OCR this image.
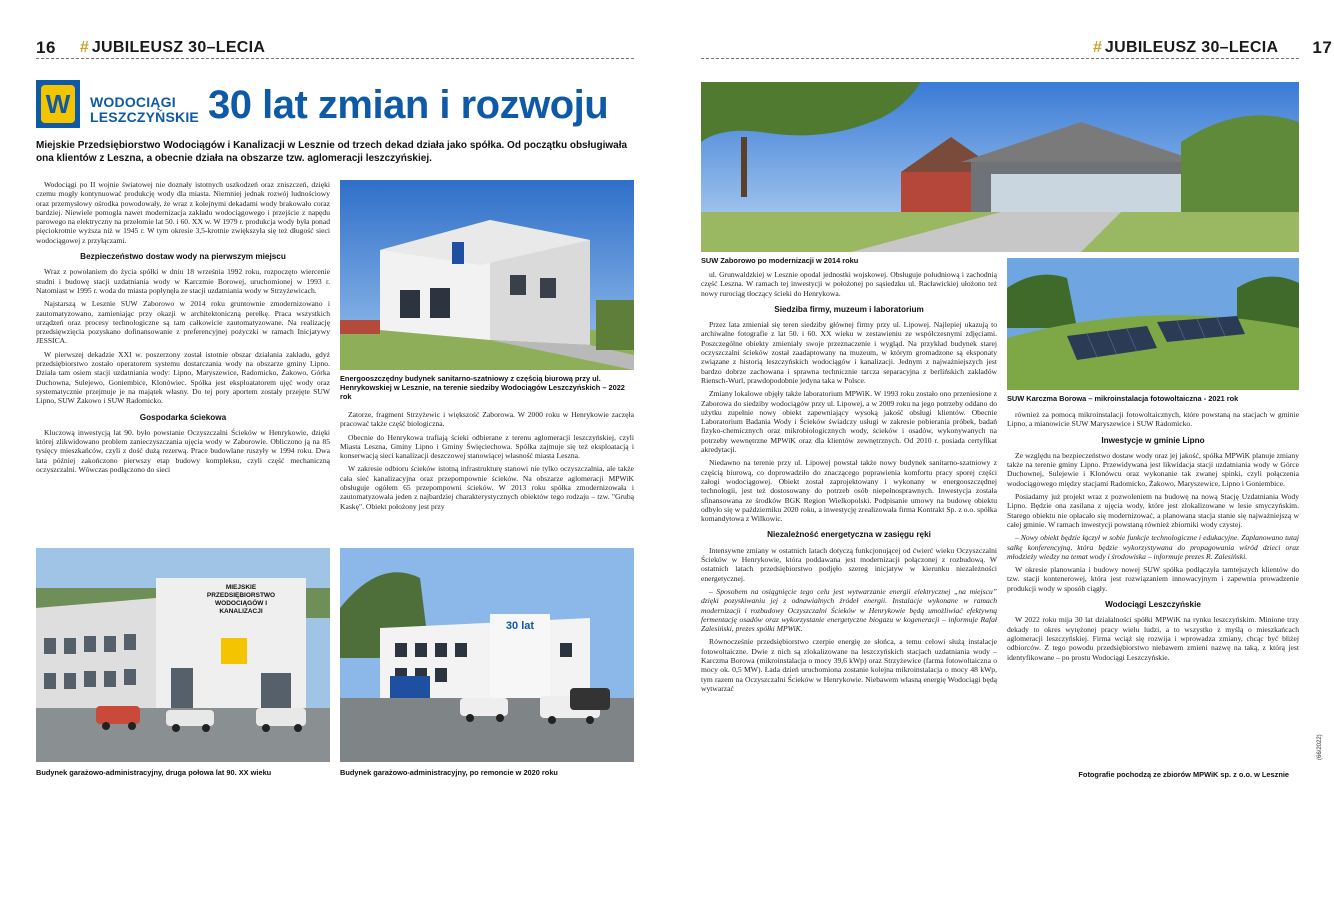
16 # JUBILEUSZ 30–LECIA
W	WODOCIĄGI
LESZCZYŃSKIE 30 lat zmian i rozwoju
Miejskie Przedsiębiorstwo Wodociągów i Kanalizacji w Lesznie od trzech dekad działa jako spółka. Od początku obsługiwała ona klientów z Leszna, a obecnie działa na obszarze tzw. aglomeracji leszczyńskiej.

Wodociągi po II wojnie światowej nie doznały istotnych uszkodzeń oraz zniszczeń, dzięki czemu mogły kontynuować produkcję wody dla miasta. Niemniej jednak rozwój ludnościowy oraz przemysłowy ośrodka powodowały, że wraz z kolejnymi dekadami wody brakowało coraz bardziej. Niewiele pomogła nawet modernizacja zakładu wodociągowego i przejście z napędu parowego na elektryczny na przełomie lat 50. i 60. XX w. W 1979 r. produkcja wody była ponad pięciokrotnie wyższa niż w 1945 r. W tym okresie 3,5-krotnie zwiększyła się też długość sieci wodociągowej z przyłączami.

Bezpieczeństwo dostaw wody na pierwszym miejscu

Wraz z powołaniem do życia spółki w dniu 18 września 1992 roku, rozpoczęto wiercenie studni i budowę stacji uzdatniania wody w Karczmie Borowej, uruchomionej w 1993 r. Natomiast w 1995 r. woda do miasta popłynęła ze stacji uzdatniania wody w Strzyżewicach.

Najstarszą w Lesznie SUW Zaborowo w 2014 roku gruntownie zmodernizowano i zautomatyzowano, zamieniając przy okazji w architektoniczną perełkę. Praca wszystkich urządzeń oraz procesy technologiczne są tam całkowicie zautomatyzowane. Na realizację przedsięwzięcia pozyskano dofinansowanie z preferencyjnej pożyczki w ramach Inicjatywy JESSICA.

W pierwszej dekadzie XXI w. poszerzony został istotnie obszar działania zakładu, gdyż przedsiębiorstwo zostało operatorem systemu dostarczania wody na obszarze gminy Lipno. Działa tam osiem stacji uzdatniania wody: Lipno, Maryszewice, Radomicko, Żakowo, Górka Duchowna, Sulejewo, Goniembice, Klonówiec. Spółka jest eksploatatorem ujęć wody oraz systematycznie przejmuje je na majątek własny. Do tej pory aportem zostały przejęte SUW Lipno, SUW Żakowo i SUW Radomicko.

Gospodarka ściekowa

Kluczową inwestycją lat 90. było powstanie Oczyszczalni Ścieków w Henrykowie, dzięki której zlikwidowano problem zanieczyszczania ujęcia wody w Zaborowie. Obliczono ją na 85 tysięcy mieszkańców, czyli z dość dużą rezerwą. Prace budowlane ruszyły w 1994 roku. Dwa lata później zakończono pierwszy etap budowy kompleksu, czyli część mechaniczną oczyszczalni. Wówczas podłączono do sieci

Energooszczędny budynek sanitarno-szatniowy z częścią biurową przy ul. Henrykowskiej w Lesznie, na terenie siedziby Wodociągów Leszczyńskich – 2022 rok

Zatorze, fragment Strzyżewic i większość Zaborowa. W 2000 roku w Henrykowie zaczęła pracować także część biologiczna.

Obecnie do Henrykowa trafiają ścieki odbierane z terenu aglomeracji leszczyńskiej, czyli Miasta Leszna, Gminy Lipno i Gminy Święciechowa. Spółka zajmuje się też eksploatacją i konserwacją sieci kanalizacji deszczowej stanowiącej własność miasta Leszna.

W zakresie odbioru ścieków istotną infrastrukturę stanowi nie tylko oczyszczalnia, ale także cała sieć kanalizacyjna oraz przepompownie ścieków. Na obszarze aglomeracji MPWiK obsługuje ogółem 65 przepompowni ścieków. W 2013 roku spółka zmodernizowała i zautomatyzowała jeden z najbardziej charakterystycznych obiektów tego rodzaju – tzw. "Grubą Kaskę". Obiekt położony jest przy

MIEJSKIE PRZEDSIĘBIORSTWO WODOCIĄGÓW I KANALIZACJI
Budynek garażowo-administracyjny, druga połowa lat 90. XX wieku
30 lat
Budynek garażowo-administracyjny, po remoncie w 2020 roku
# JUBILEUSZ 30–LECIA 17
SUW Zaborowo po modernizacji w 2014 roku
SUW Karczma Borowa – mikroinstalacja fotowoltaiczna - 2021 rok

ul. Grunwaldzkiej w Lesznie opodal jednostki wojskowej. Obsługuje południową i zachodnią część Leszna. W ramach tej inwestycji w położonej po sąsiedzku ul. Racławickiej ułożono też nowy rurociąg tłoczący ścieki do Henrykowa.

Siedziba firmy, muzeum i laboratorium

Przez lata zmieniał się teren siedziby głównej firmy przy ul. Lipowej. Najlepiej ukazują to archiwalne fotografie z lat 50. i 60. XX wieku w zestawieniu ze współczesnymi zdjęciami. Poszczególne obiekty zmieniały swoje przeznaczenie i wygląd. Na przykład budynek starej oczyszczalni ścieków został zaadaptowany na muzeum, w którym gromadzone są eksponaty związane z historią leszczyńskich wodociągów i kanalizacji. Jednym z najważniejszych jest bardzo dobrze zachowana i sprawna technicznie tarcza separacyjna z berlińskich zakładów Riensch-Wurl, prawdopodobnie jedyna taka w Polsce.

Zmiany lokalowe objęły także laboratorium MPWiK. W 1993 roku zostało ono przeniesione z Zaborowa do siedziby wodociągów przy ul. Lipowej, a w 2009 roku na jego potrzeby oddano do użytku zupełnie nowy obiekt zapewniający wysoką jakość obsługi klientów. Obecnie Laboratorium Badania Wody i Ścieków świadczy usługi w zakresie pobierania próbek, badań fizyko-chemicznych oraz mikrobiologicznych wody, ścieków i osadów, wykonywanych na potrzeby wewnętrzne MPWiK oraz dla klientów zewnętrznych. Od 2010 r. posiada certyfikat akredytacji.

Niedawno na terenie przy ul. Lipowej powstał także nowy budynek sanitarno-szatniowy z częścią biurową, co doprowadziło do znaczącego poprawienia komfortu pracy sporej części załogi wodociągowej. Obiekt został zaprojektowany i wykonany w energooszczędnej technologii, jest też dostosowany do potrzeb osób niepełnosprawnych. Inwestycja została sfinansowana ze środków BGK Region Wielkopolski. Podpisanie umowy na budowę obiektu odbyło się w październiku 2020 roku, a inwestycję zrealizowała firma Kontrakt Sp. z o.o. spółka komandytowa z Wilkowic.

Niezależność energetyczna w zasięgu ręki

Intensywne zmiany w ostatnich latach dotyczą funkcjonującej od ćwierć wieku Oczyszczalni Ścieków w Henrykowie, która poddawana jest modernizacji połączonej z rozbudową. W ostatnich latach przedsiębiorstwo podjęło szereg inicjatyw w kierunku niezależności energetycznej.

– Sposobem na osiągnięcie tego celu jest wytwarzanie energii elektrycznej „na miejscu” dzięki pozyskiwaniu jej z odnawialnych źródeł energii. Instalacje wykonane w ramach modernizacji i rozbudowy Oczyszczalni Ścieków w Henrykowie będą umożliwiać efektywną fermentację osadów oraz wykorzystanie energetyczne biogazu w kogeneracji – informuje Rafał Zalesiński, prezes spółki MPWiK.

Równocześnie przedsiębiorstwo czerpie energię ze słońca, a temu celowi służą instalacje fotowoltaiczne. Dwie z nich są zlokalizowane na leszczyńskich stacjach uzdatniania wody – Karczma Borowa (mikroinstalacja o mocy 39,6 kWp) oraz Strzyżewice (farma fotowoltaiczna o mocy ok. 0,5 MW). Łada dzień uruchomiona zostanie kolejna mikroinstalacja o mocy 48 kWp, tym razem na Oczyszczalni Ścieków w Henrykowie. Niebawem własną energię Wodociągi będą wytwarzać

również za pomocą mikroinstalacji fotowoltaicznych, które powstaną na stacjach w gminie Lipno, a mianowicie SUW Maryszewice i SUW Radomicko.

Inwestycje w gminie Lipno

Ze względu na bezpieczeństwo dostaw wody oraz jej jakość, spółka MPWiK planuje zmiany także na terenie gminy Lipno. Przewidywana jest likwidacja stacji uzdatniania wody w Górce Duchownej, Sulejewie i Klonówcu oraz wykonanie tak zwanej spinki, czyli połączenia wodociągowego między stacjami Radomicko, Żakowo, Maryszewice, Lipno i Goniembice.

Posiadamy już projekt wraz z pozwoleniem na budowę na nową Stację Uzdatniania Wody Lipno. Będzie ona zasilana z ujęcia wody, które jest zlokalizowane w lesie smyczyńskim. Starego obiektu nie opłacało się modernizować, a planowana stacja stanie się najważniejszą w całej gminie. W ramach inwestycji powstaną również zbiorniki wody czystej.

– Nowy obiekt będzie łączył w sobie funkcje technologiczne i edukacyjne. Zaplanowano tutaj salkę konferencyjną, która będzie wykorzystywana do propagowania wśród dzieci oraz młodzieży wiedzy na temat wody i środowiska – informuje prezes R. Zalesiński.

W okresie planowania i budowy nowej SUW spółka podłączyła tamtejszych klientów do tzw. stacji kontenerowej, która jest rozwiązaniem innowacyjnym i zapewnia prowadzenie produkcji wody w sposób ciągły.

Wodociągi Leszczyńskie

W 2022 roku mija 30 lat działalności spółki MPWiK na rynku leszczyńskim. Minione trzy dekady to okres wytężonej pracy wielu ludzi, a to wszystko z myślą o mieszkańcach aglomeracji leszczyńskiej. Firma wciąż się rozwija i wprowadza zmiany, chcąc być bliżej odbiorców. Z tego powodu przedsiębiorstwo niebawem zmieni nazwę na taką, z którą jest identyfikowane – po prostu Wodociągi Leszczyńskie.

Fotografie pochodzą ze zbiorów MPWiK sp. z o.o. w Lesznie
(66/2022)
